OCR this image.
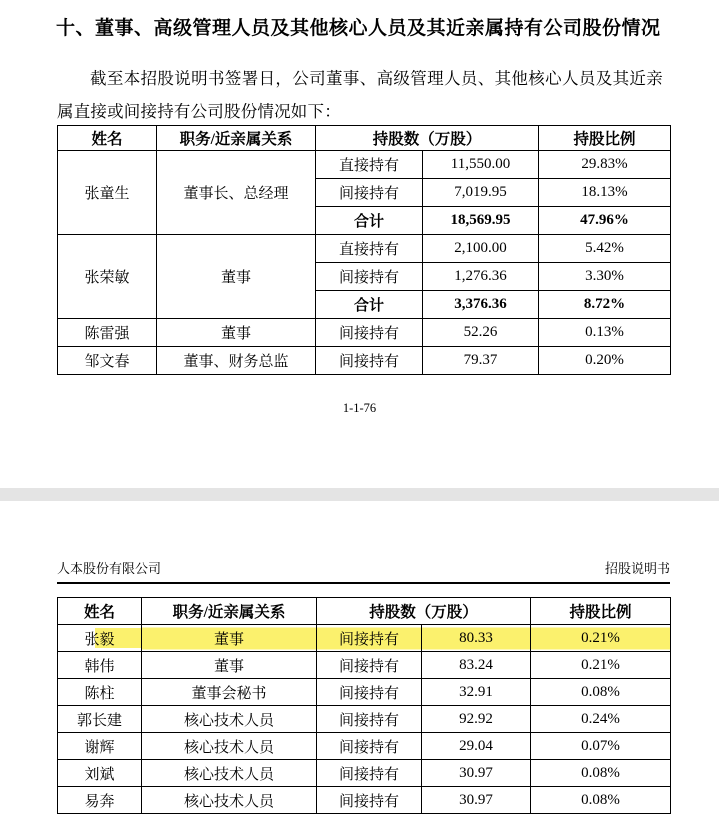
十、董事、高级管理人员及其他核心人员及其近亲属持有公司股份情况

截至本招股说明书签署日，公司董事、高级管理人员、其他核心人员及其近亲属直接或间接持有公司股份情况如下：

姓名	职务/近亲属关系	持股数（万股）		持股比例
张童生	董事长、总经理	直接持有	11,550.00	29.83%
		间接持有	7,019.95	18.13%
		合计	18,569.95	47.96%
张荣敏	董事	直接持有	2,100.00	5.42%
		间接持有	1,276.36	3.30%
		合计	3,376.36	8.72%
陈雷强	董事	间接持有	52.26	0.13%
邹文春	董事、财务总监	间接持有	79.37	0.20%
1-1-76
人本股份有限公司	招股说明书
姓名	职务/近亲属关系	持股数（万股）		持股比例

张毅	董事	间接持有	80.33	0.21%
韩伟	董事	间接持有	83.24	0.21%
陈柱	董事会秘书	间接持有	32.91	0.08%
郭长建	核心技术人员	间接持有	92.92	0.24%
谢辉	核心技术人员	间接持有	29.04	0.07%
刘斌	核心技术人员	间接持有	30.97	0.08%
易奔	核心技术人员	间接持有	30.97	0.08%
